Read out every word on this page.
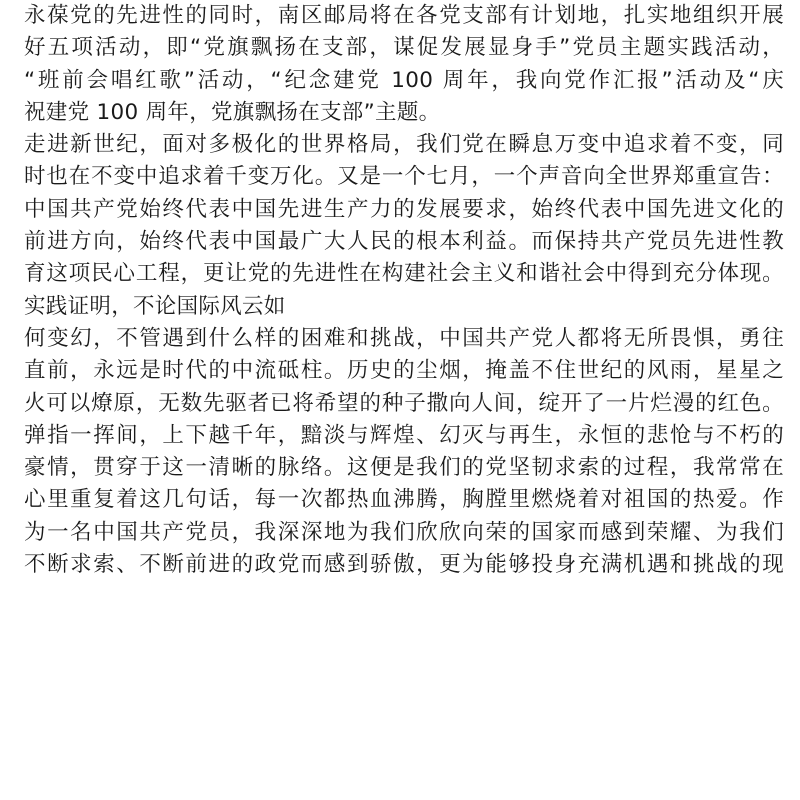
永葆党的先进性的同时，南区邮局将在各党支部有计划地，扎实地组织开展
好五项活动，即“党旗飘扬在支部，谋促发展显身手”党员主题实践活动，
“班前会唱红歌”活动，“纪念建党 100 周年，我向党作汇报”活动及“庆
祝建党 100 周年，党旗飘扬在支部”主题。
走进新世纪，面对多极化的世界格局，我们党在瞬息万变中追求着不变，同
时也在不变中追求着千变万化。又是一个七月，一个声音向全世界郑重宣告：
中国共产党始终代表中国先进生产力的发展要求，始终代表中国先进文化的
前进方向，始终代表中国最广大人民的根本利益。而保持共产党员先进性教
育这项民心工程，更让党的先进性在构建社会主义和谐社会中得到充分体现。
实践证明，不论国际风云如
何变幻，不管遇到什么样的困难和挑战，中国共产党人都将无所畏惧，勇往
直前，永远是时代的中流砥柱。历史的尘烟，掩盖不住世纪的风雨，星星之
火可以燎原，无数先驱者已将希望的种子撒向人间，绽开了一片烂漫的红色。
弹指一挥间，上下越千年，黯淡与辉煌、幻灭与再生，永恒的悲怆与不朽的
豪情，贯穿于这一清晰的脉络。这便是我们的党坚韧求索的过程，我常常在
心里重复着这几句话，每一次都热血沸腾，胸膛里燃烧着对祖国的热爱。作
为一名中国共产党员，我深深地为我们欣欣向荣的国家而感到荣耀、为我们
不断求索、不断前进的政党而感到骄傲，更为能够投身充满机遇和挑战的现
